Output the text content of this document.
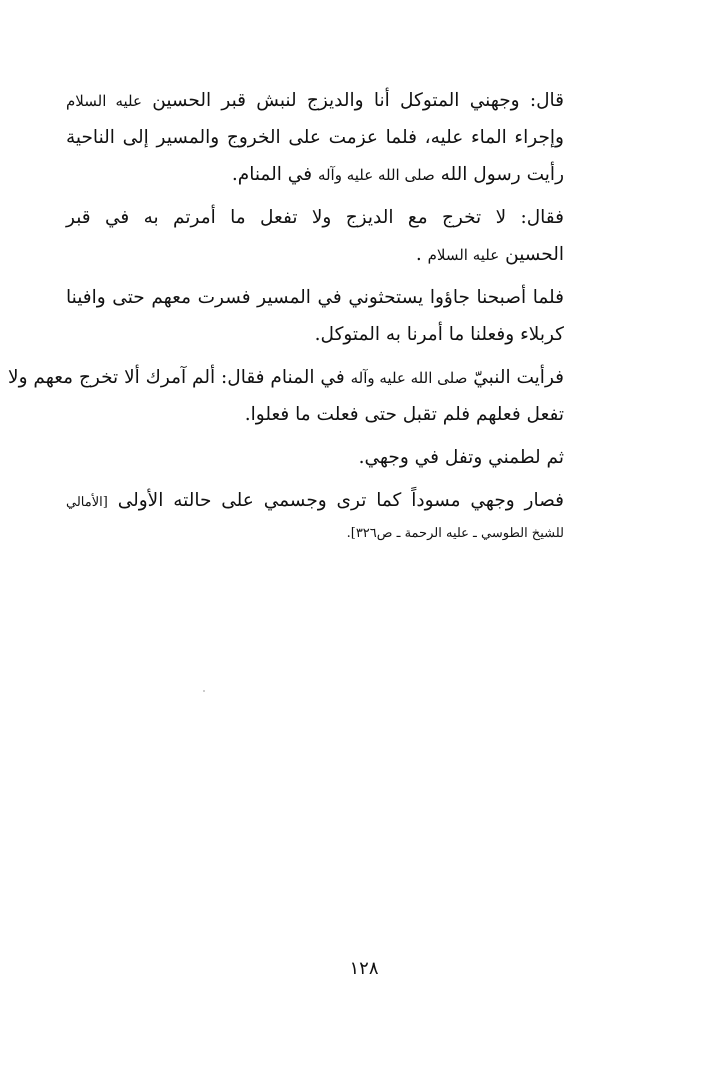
قال: وجهني المتوكل أنا والديزج لنبش قبر الحسين عليه السلام
وإجراء الماء عليه، فلما عزمت على الخروج والمسير إلى الناحية
رأيت رسول الله صلى الله عليه وآله في المنام.
فقال: لا تخرج مع الديزج ولا تفعل ما أمرتم به في قبر
الحسين عليه السلام .
فلما أصبحنا جاؤوا يستحثوني في المسير فسرت معهم حتى وافينا
كربلاء وفعلنا ما أمرنا به المتوكل.
فرأيت النبيّ صلى الله عليه وآله في المنام فقال: ألم آمرك ألا تخرج معهم ولا
تفعل فعلهم فلم تقبل حتى فعلت ما فعلوا.
ثم لطمني وتفل في وجهي.
فصار وجهي مسوداً كما ترى وجسمي على حالته الأولى [الأمالي
للشيخ الطوسي ـ عليه الرحمة ـ ص٣٢٦].
١٢٨
